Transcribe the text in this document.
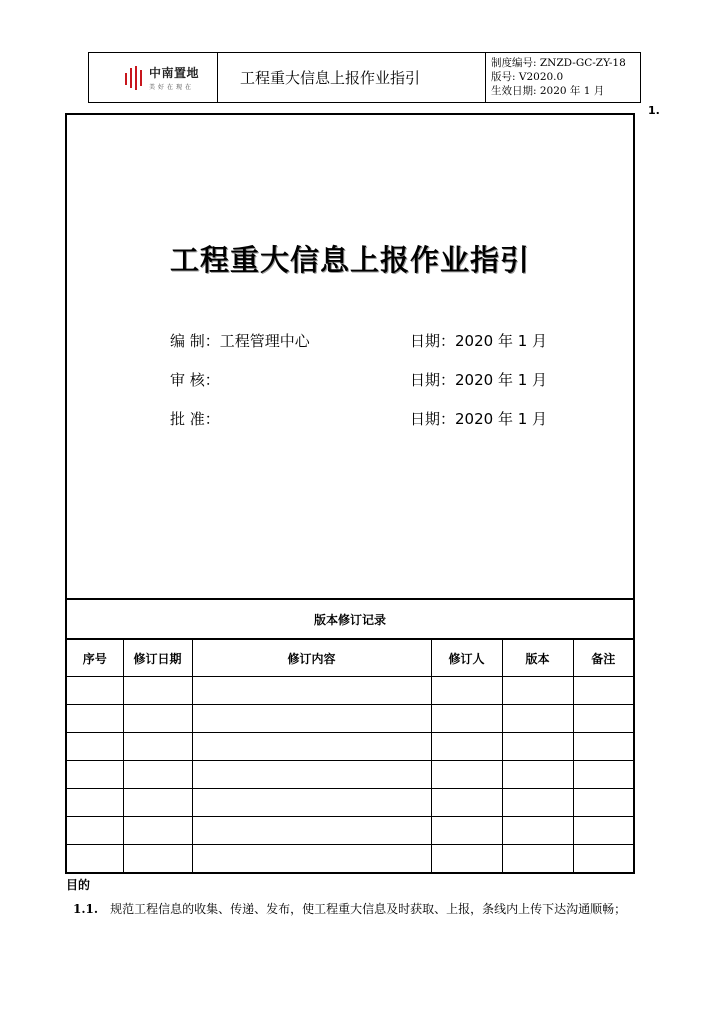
中南置地
美好在现在
工程重大信息上报作业指引
制度编号: ZNZD-GC-ZY-18
版号: V2020.0
生效日期: 2020 年 1 月
1.
工程重大信息上报作业指引
编 制：工程管理中心	日期：2020 年 1 月
审 核：	日期：2020 年 1 月
批 准：	日期：2020 年 1 月
版本修订记录
序号	修订日期	修订内容	修订人	版本	备注

目的
1.1. 规范工程信息的收集、传递、发布，使工程重大信息及时获取、上报，条线内上传下达沟通顺畅；
